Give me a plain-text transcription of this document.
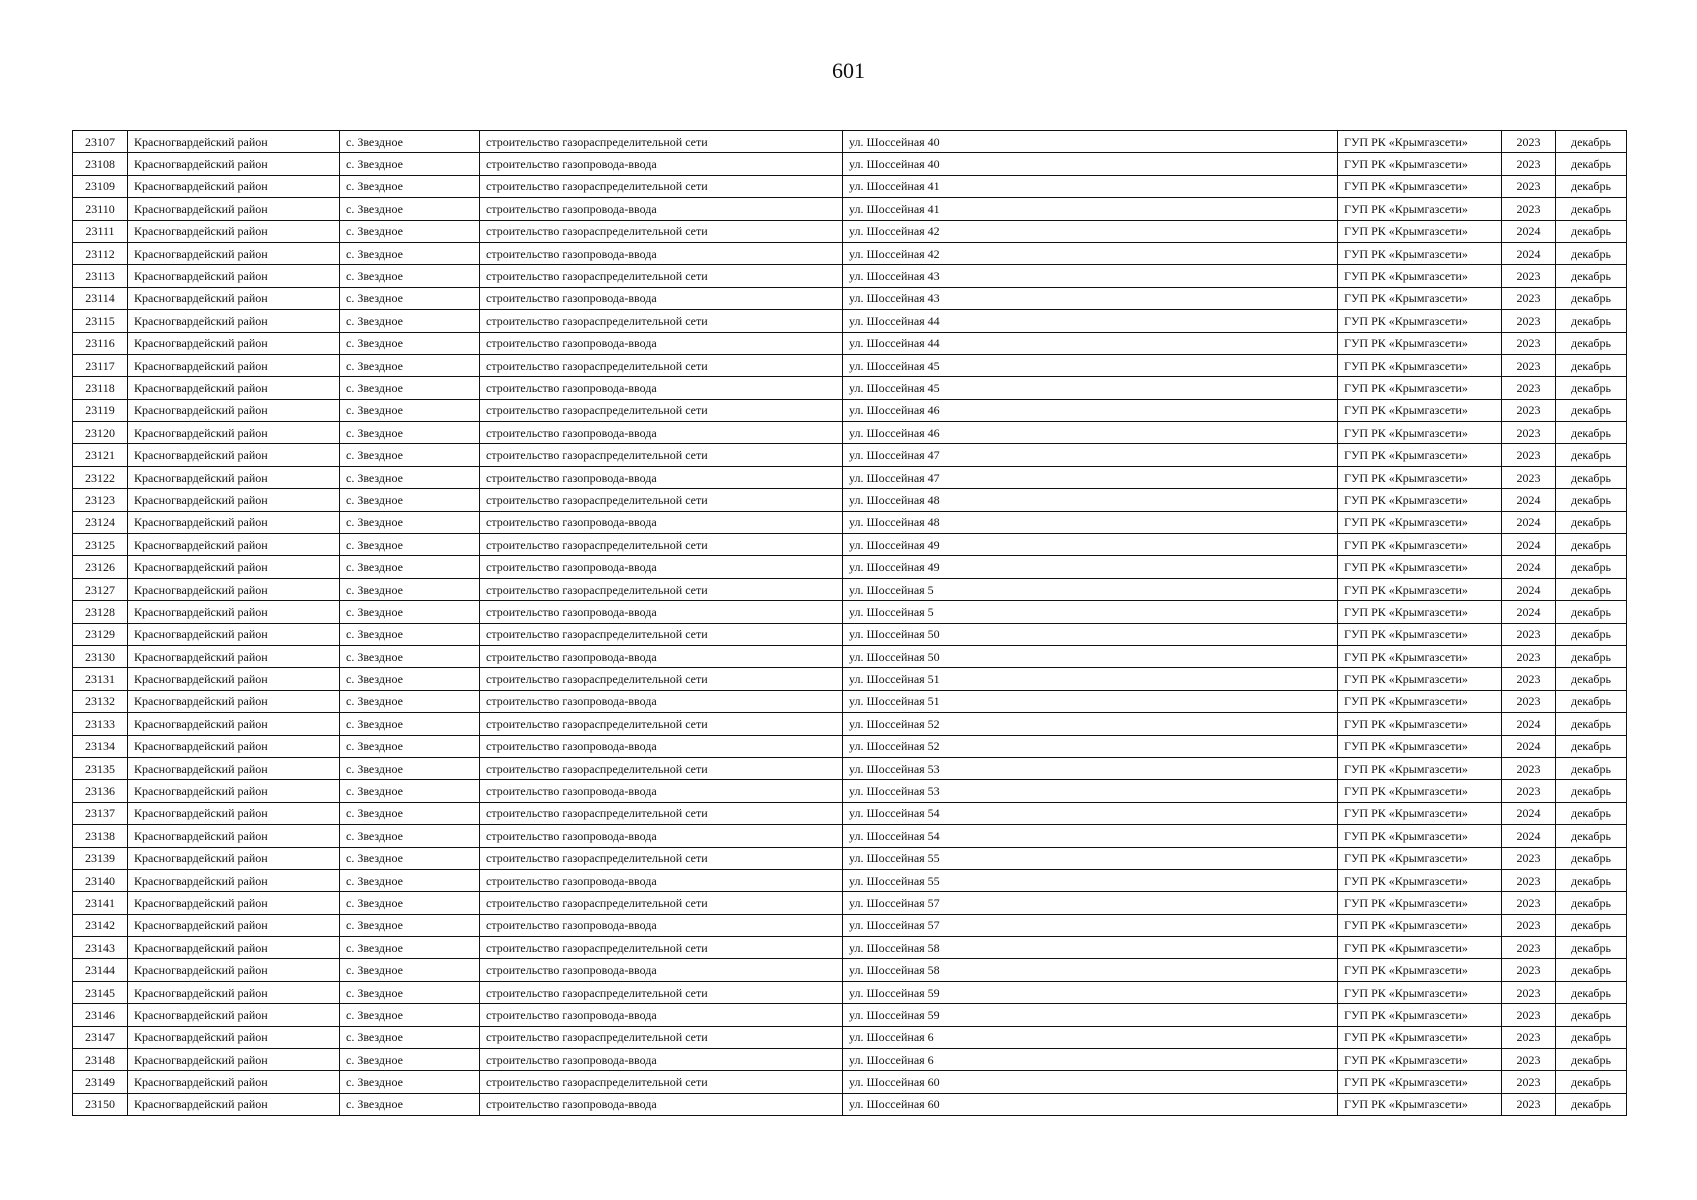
601
23107	Красногвардейский район	с. Звездное	строительство газораспределительной сети	ул. Шоссейная 40	ГУП РК «Крымгазсети»	2023	декабрь
23108	Красногвардейский район	с. Звездное	строительство газопровода-ввода	ул. Шоссейная 40	ГУП РК «Крымгазсети»	2023	декабрь
23109	Красногвардейский район	с. Звездное	строительство газораспределительной сети	ул. Шоссейная 41	ГУП РК «Крымгазсети»	2023	декабрь
23110	Красногвардейский район	с. Звездное	строительство газопровода-ввода	ул. Шоссейная 41	ГУП РК «Крымгазсети»	2023	декабрь
23111	Красногвардейский район	с. Звездное	строительство газораспределительной сети	ул. Шоссейная 42	ГУП РК «Крымгазсети»	2024	декабрь
23112	Красногвардейский район	с. Звездное	строительство газопровода-ввода	ул. Шоссейная 42	ГУП РК «Крымгазсети»	2024	декабрь
23113	Красногвардейский район	с. Звездное	строительство газораспределительной сети	ул. Шоссейная 43	ГУП РК «Крымгазсети»	2023	декабрь
23114	Красногвардейский район	с. Звездное	строительство газопровода-ввода	ул. Шоссейная 43	ГУП РК «Крымгазсети»	2023	декабрь
23115	Красногвардейский район	с. Звездное	строительство газораспределительной сети	ул. Шоссейная 44	ГУП РК «Крымгазсети»	2023	декабрь
23116	Красногвардейский район	с. Звездное	строительство газопровода-ввода	ул. Шоссейная 44	ГУП РК «Крымгазсети»	2023	декабрь
23117	Красногвардейский район	с. Звездное	строительство газораспределительной сети	ул. Шоссейная 45	ГУП РК «Крымгазсети»	2023	декабрь
23118	Красногвардейский район	с. Звездное	строительство газопровода-ввода	ул. Шоссейная 45	ГУП РК «Крымгазсети»	2023	декабрь
23119	Красногвардейский район	с. Звездное	строительство газораспределительной сети	ул. Шоссейная 46	ГУП РК «Крымгазсети»	2023	декабрь
23120	Красногвардейский район	с. Звездное	строительство газопровода-ввода	ул. Шоссейная 46	ГУП РК «Крымгазсети»	2023	декабрь
23121	Красногвардейский район	с. Звездное	строительство газораспределительной сети	ул. Шоссейная 47	ГУП РК «Крымгазсети»	2023	декабрь
23122	Красногвардейский район	с. Звездное	строительство газопровода-ввода	ул. Шоссейная 47	ГУП РК «Крымгазсети»	2023	декабрь
23123	Красногвардейский район	с. Звездное	строительство газораспределительной сети	ул. Шоссейная 48	ГУП РК «Крымгазсети»	2024	декабрь
23124	Красногвардейский район	с. Звездное	строительство газопровода-ввода	ул. Шоссейная 48	ГУП РК «Крымгазсети»	2024	декабрь
23125	Красногвардейский район	с. Звездное	строительство газораспределительной сети	ул. Шоссейная 49	ГУП РК «Крымгазсети»	2024	декабрь
23126	Красногвардейский район	с. Звездное	строительство газопровода-ввода	ул. Шоссейная 49	ГУП РК «Крымгазсети»	2024	декабрь
23127	Красногвардейский район	с. Звездное	строительство газораспределительной сети	ул. Шоссейная 5	ГУП РК «Крымгазсети»	2024	декабрь
23128	Красногвардейский район	с. Звездное	строительство газопровода-ввода	ул. Шоссейная 5	ГУП РК «Крымгазсети»	2024	декабрь
23129	Красногвардейский район	с. Звездное	строительство газораспределительной сети	ул. Шоссейная 50	ГУП РК «Крымгазсети»	2023	декабрь
23130	Красногвардейский район	с. Звездное	строительство газопровода-ввода	ул. Шоссейная 50	ГУП РК «Крымгазсети»	2023	декабрь
23131	Красногвардейский район	с. Звездное	строительство газораспределительной сети	ул. Шоссейная 51	ГУП РК «Крымгазсети»	2023	декабрь
23132	Красногвардейский район	с. Звездное	строительство газопровода-ввода	ул. Шоссейная 51	ГУП РК «Крымгазсети»	2023	декабрь
23133	Красногвардейский район	с. Звездное	строительство газораспределительной сети	ул. Шоссейная 52	ГУП РК «Крымгазсети»	2024	декабрь
23134	Красногвардейский район	с. Звездное	строительство газопровода-ввода	ул. Шоссейная 52	ГУП РК «Крымгазсети»	2024	декабрь
23135	Красногвардейский район	с. Звездное	строительство газораспределительной сети	ул. Шоссейная 53	ГУП РК «Крымгазсети»	2023	декабрь
23136	Красногвардейский район	с. Звездное	строительство газопровода-ввода	ул. Шоссейная 53	ГУП РК «Крымгазсети»	2023	декабрь
23137	Красногвардейский район	с. Звездное	строительство газораспределительной сети	ул. Шоссейная 54	ГУП РК «Крымгазсети»	2024	декабрь
23138	Красногвардейский район	с. Звездное	строительство газопровода-ввода	ул. Шоссейная 54	ГУП РК «Крымгазсети»	2024	декабрь
23139	Красногвардейский район	с. Звездное	строительство газораспределительной сети	ул. Шоссейная 55	ГУП РК «Крымгазсети»	2023	декабрь
23140	Красногвардейский район	с. Звездное	строительство газопровода-ввода	ул. Шоссейная 55	ГУП РК «Крымгазсети»	2023	декабрь
23141	Красногвардейский район	с. Звездное	строительство газораспределительной сети	ул. Шоссейная 57	ГУП РК «Крымгазсети»	2023	декабрь
23142	Красногвардейский район	с. Звездное	строительство газопровода-ввода	ул. Шоссейная 57	ГУП РК «Крымгазсети»	2023	декабрь
23143	Красногвардейский район	с. Звездное	строительство газораспределительной сети	ул. Шоссейная 58	ГУП РК «Крымгазсети»	2023	декабрь
23144	Красногвардейский район	с. Звездное	строительство газопровода-ввода	ул. Шоссейная 58	ГУП РК «Крымгазсети»	2023	декабрь
23145	Красногвардейский район	с. Звездное	строительство газораспределительной сети	ул. Шоссейная 59	ГУП РК «Крымгазсети»	2023	декабрь
23146	Красногвардейский район	с. Звездное	строительство газопровода-ввода	ул. Шоссейная 59	ГУП РК «Крымгазсети»	2023	декабрь
23147	Красногвардейский район	с. Звездное	строительство газораспределительной сети	ул. Шоссейная 6	ГУП РК «Крымгазсети»	2023	декабрь
23148	Красногвардейский район	с. Звездное	строительство газопровода-ввода	ул. Шоссейная 6	ГУП РК «Крымгазсети»	2023	декабрь
23149	Красногвардейский район	с. Звездное	строительство газораспределительной сети	ул. Шоссейная 60	ГУП РК «Крымгазсети»	2023	декабрь
23150	Красногвардейский район	с. Звездное	строительство газопровода-ввода	ул. Шоссейная 60	ГУП РК «Крымгазсети»	2023	декабрь
